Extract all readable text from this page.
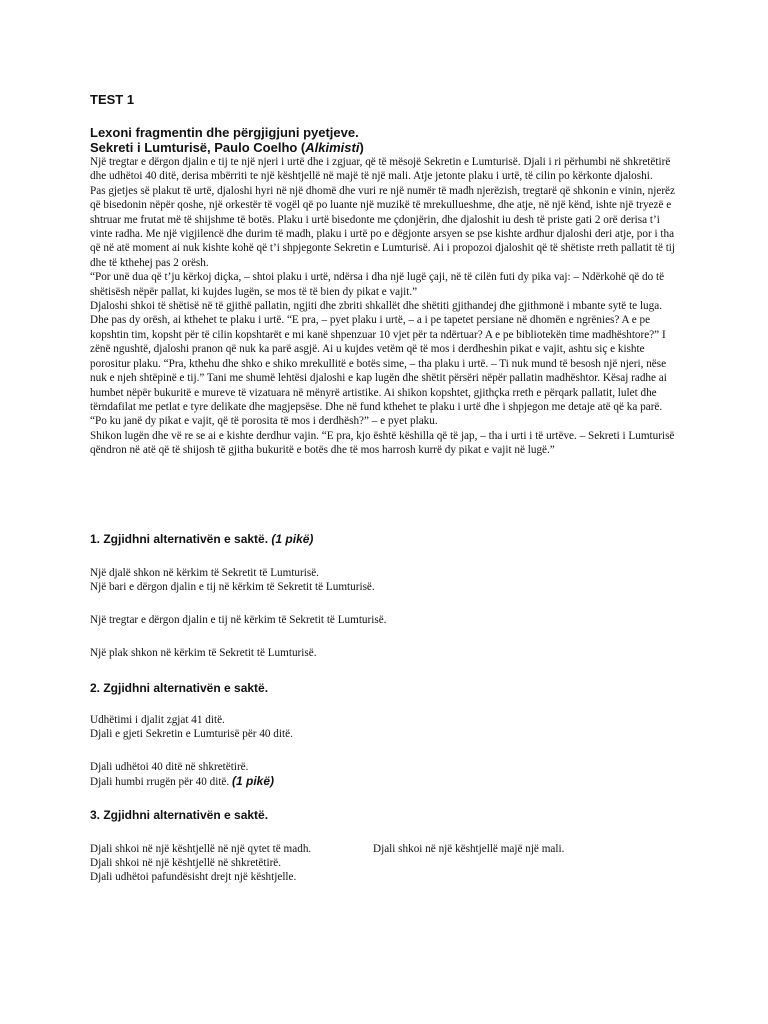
TEST 1
Lexoni fragmentin dhe përgjigjuni pyetjeve.
Sekreti i Lumturisë, Paulo Coelho (Alkimisti)

Një tregtar e dërgon djalin e tij te një njeri i urtë dhe i zgjuar, që të mësojë Sekretin e Lumturisë. Djali i ri përhumbi në shkretëtirë dhe udhëtoi 40 ditë, derisa mbërriti te një kështjellë në majë të një mali. Atje jetonte plaku i urtë, të cilin po kërkonte djaloshi.

Pas gjetjes së plakut të urtë, djaloshi hyri në një dhomë dhe vuri re një numër të madh njerëzish, tregtarë që shkonin e vinin, njerëz që bisedonin nëpër qoshe, një orkestër të vogël që po luante një muzikë të mrekullueshme, dhe atje, në një kënd, ishte një tryezë e shtruar me frutat më të shijshme të botës. Plaku i urtë bisedonte me çdonjërin, dhe djaloshit iu desh të priste gati 2 orë derisa t’i vinte radha. Me një vigjilencë dhe durim të madh, plaku i urtë po e dëgjonte arsyen se pse kishte ardhur djaloshi deri atje, por i tha që në atë moment ai nuk kishte kohë që t’i shpjegonte Sekretin e Lumturisë. Ai i propozoi djaloshit që të shëtiste rreth pallatit të tij dhe të kthehej pas 2 orësh.

“Por unë dua që t’ju kërkoj diçka, – shtoi plaku i urtë, ndërsa i dha një lugë çaji, në të cilën futi dy pika vaj: – Ndërkohë që do të shëtisësh nëpër pallat, ki kujdes lugën, se mos të të bien dy pikat e vajit.”

Djaloshi shkoi të shëtisë në të gjithë pallatin, ngjiti dhe zbriti shkallët dhe shëtiti gjithandej dhe gjithmonë i mbante sytë te luga. Dhe pas dy orësh, ai kthehet te plaku i urtë. “E pra, – pyet plaku i urtë, – a i pe tapetet persiane në dhomën e ngrënies? A e pe kopshtin tim, kopsht për të cilin kopshtarët e mi kanë shpenzuar 10 vjet për ta ndërtuar? A e pe bibliotekën time madhështore?” I zënë ngushtë, djaloshi pranon që nuk ka parë asgjë. Ai u kujdes vetëm që të mos i derdheshin pikat e vajit, ashtu siç e kishte porositur plaku. “Pra, kthehu dhe shko e shiko mrekullitë e botës sime, – tha plaku i urtë. – Ti nuk mund të besosh një njeri, nëse nuk e njeh shtëpinë e tij.” Tani me shumë lehtësi djaloshi e kap lugën dhe shëtit përsëri nëpër pallatin madhështor. Kësaj radhe ai humbet nëpër bukuritë e mureve të vizatuara në mënyrë artistike. Ai shikon kopshtet, gjithçka rreth e përqark pallatit, lulet dhe tërndafilat me petlat e tyre delikate dhe magjepsëse. Dhe në fund kthehet te plaku i urtë dhe i shpjegon me detaje atë që ka parë. “Po ku janë dy pikat e vajit, që të porosita të mos i derdhësh?” – e pyet plaku.

Shikon lugën dhe vë re se ai e kishte derdhur vajin. “E pra, kjo është këshilla që të jap, – tha i urti i të urtëve. – Sekreti i Lumturisë qëndron në atë që të shijosh të gjitha bukuritë e botës dhe të mos harrosh kurrë dy pikat e vajit në lugë.”

1. Zgjidhni alternativën e saktë. (1 pikë)
Një djalë shkon në kërkim të Sekretit të Lumturisë.
Një bari e dërgon djalin e tij në kërkim të Sekretit të Lumturisë.
Një tregtar e dërgon djalin e tij në kërkim të Sekretit të Lumturisë.
Një plak shkon në kërkim të Sekretit të Lumturisë.
2. Zgjidhni alternativën e saktë.
Udhëtimi i djalit zgjat 41 ditë.
Djali e gjeti Sekretin e Lumturisë për 40 ditë.
Djali udhëtoi 40 ditë në shkretëtirë.
Djali humbi rrugën për 40 ditë. (1 pikë)
3. Zgjidhni alternativën e saktë.
Djali shkoi në një kështjellë në një qytet të madh.	Djali shkoi në një kështjellë majë një mali.
Djali shkoi në një kështjellë në shkretëtirë.
Djali udhëtoi pafundësisht drejt një kështjelle.
